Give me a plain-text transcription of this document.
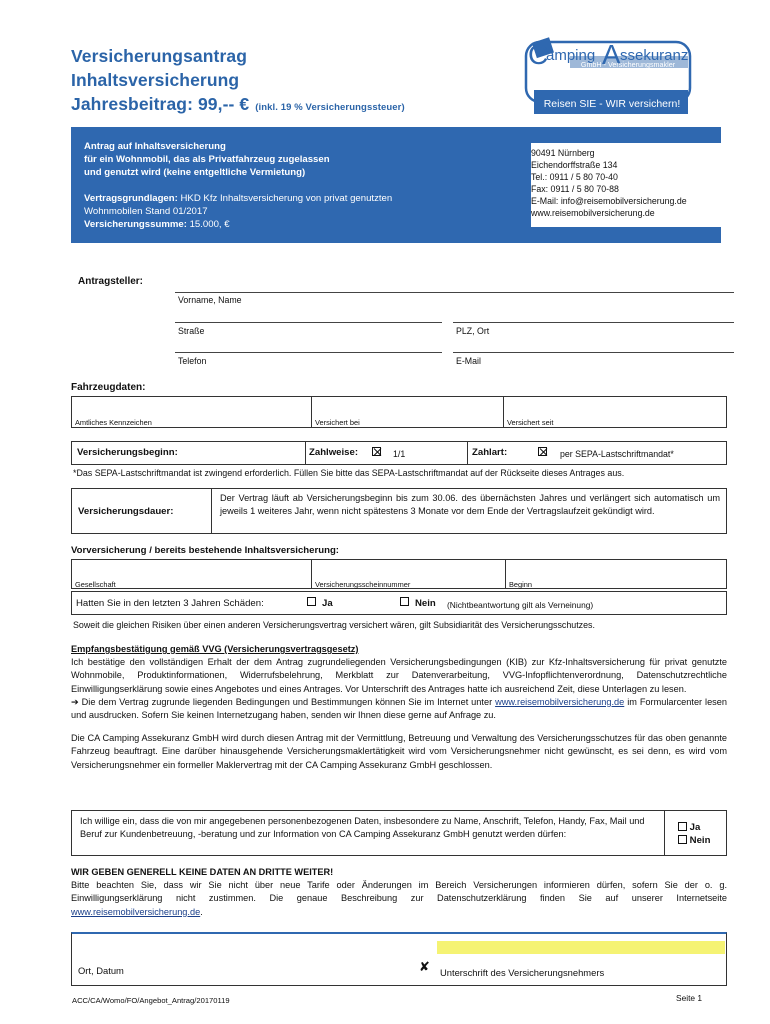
Versicherungsantrag
Inhaltsversicherung
Jahresbeitrag: 99,-- € (inkl. 19 % Versicherungssteuer)
C
amping A ssekuranz
GmbH - Versicherungsmakler
Reisen SIE - WIR versichern!
Antrag auf Inhaltsversicherung
für ein Wohnmobil, das als Privatfahrzeug zugelassen
und genutzt wird (keine entgeltliche Vermietung)
Vertragsgrundlagen: HKD Kfz Inhaltsversicherung von privat genutzten
Wohnmobilen Stand 01/2017
Versicherungssumme: 15.000, €
90491 Nürnberg
Eichendorffstraße 134
Tel.: 0911 / 5 80 70-40
Fax: 0911 / 5 80 70-88
E-Mail: info@reisemobilversicherung.de
www.reisemobilversicherung.de
Antragsteller:
Vorname, Name
Straße	PLZ, Ort
Telefon	E-Mail
Fahrzeugdaten:
Amtliches Kennzeichen	Versichert bei	Versichert seit
Versicherungsbeginn:	Zahlweise:	1/1	Zahlart:	per SEPA-Lastschriftmandat*
*Das SEPA-Lastschriftmandat ist zwingend erforderlich. Füllen Sie bitte das SEPA-Lastschriftmandat auf der Rückseite dieses Antrages aus.
Versicherungsdauer:
Der Vertrag läuft ab Versicherungsbeginn bis zum 30.06. des übernächsten Jahres und verlängert sich automatisch um jeweils 1 weiteres Jahr, wenn nicht spätestens 3 Monate vor dem Ende der Vertragslaufzeit gekündigt wird.
Vorversicherung / bereits bestehende Inhaltsversicherung:
Gesellschaft	Versicherungsscheinnummer	Beginn
Hatten Sie in den letzten 3 Jahren Schäden:	Ja	Nein (Nichtbeantwortung gilt als Verneinung)
Soweit die gleichen Risiken über einen anderen Versicherungsvertrag versichert wären, gilt Subsidiarität des Versicherungsschutzes.
Empfangsbestätigung gemäß VVG (Versicherungsvertragsgesetz)
Ich bestätige den vollständigen Erhalt der dem Antrag zugrundeliegenden Versicherungsbedingungen (KIB) zur Kfz-Inhaltsversicherung für privat genutzte Wohnmobile, Produktinformationen, Widerrufsbelehrung, Merkblatt zur Datenverarbeitung, VVG-Infopflichtenverordnung, Datenschutzrechtliche Einwilligungserklärung sowie eines Angebotes und eines Antrages. Vor Unterschrift des Antrages hatte ich ausreichend Zeit, diese Unterlagen zu lesen.
➔ Die dem Vertrag zugrunde liegenden Bedingungen und Bestimmungen können Sie im Internet unter www.reisemobilversicherung.de im Formularcenter lesen und ausdrucken. Sofern Sie keinen Internetzugang haben, senden wir Ihnen diese gerne auf Anfrage zu.
Die CA Camping Assekuranz GmbH wird durch diesen Antrag mit der Vermittlung, Betreuung und Verwaltung des Versicherungsschutzes für das oben genannte Fahrzeug beauftragt. Eine darüber hinausgehende Versicherungsmaklertätigkeit wird vom Versicherungsnehmer nicht gewünscht, es sei denn, es wird vom Versicherungsnehmer ein formeller Maklervertrag mit der CA Camping Assekuranz GmbH geschlossen.
Ich willige ein, dass die von mir angegebenen personenbezogenen Daten, insbesondere zu Name, Anschrift, Telefon, Handy, Fax, Mail und Beruf zur Kundenbetreuung, -beratung und zur Information von CA Camping Assekuranz GmbH genutzt werden dürfen:
Ja
Nein
WIR GEBEN GENERELL KEINE DATEN AN DRITTE WEITER!
Bitte beachten Sie, dass wir Sie nicht über neue Tarife oder Änderungen im Bereich Versicherungen informieren dürfen, sofern Sie der o. g. Einwilligungserklärung nicht zustimmen. Die genaue Beschreibung zur Datenschutzerklärung finden Sie auf unserer Internetseite www.reisemobilversicherung.de.
Ort, Datum	✘ Unterschrift des Versicherungsnehmers
ACC/CA/Womo/FO/Angebot_Antrag/20170119	Seite 1
